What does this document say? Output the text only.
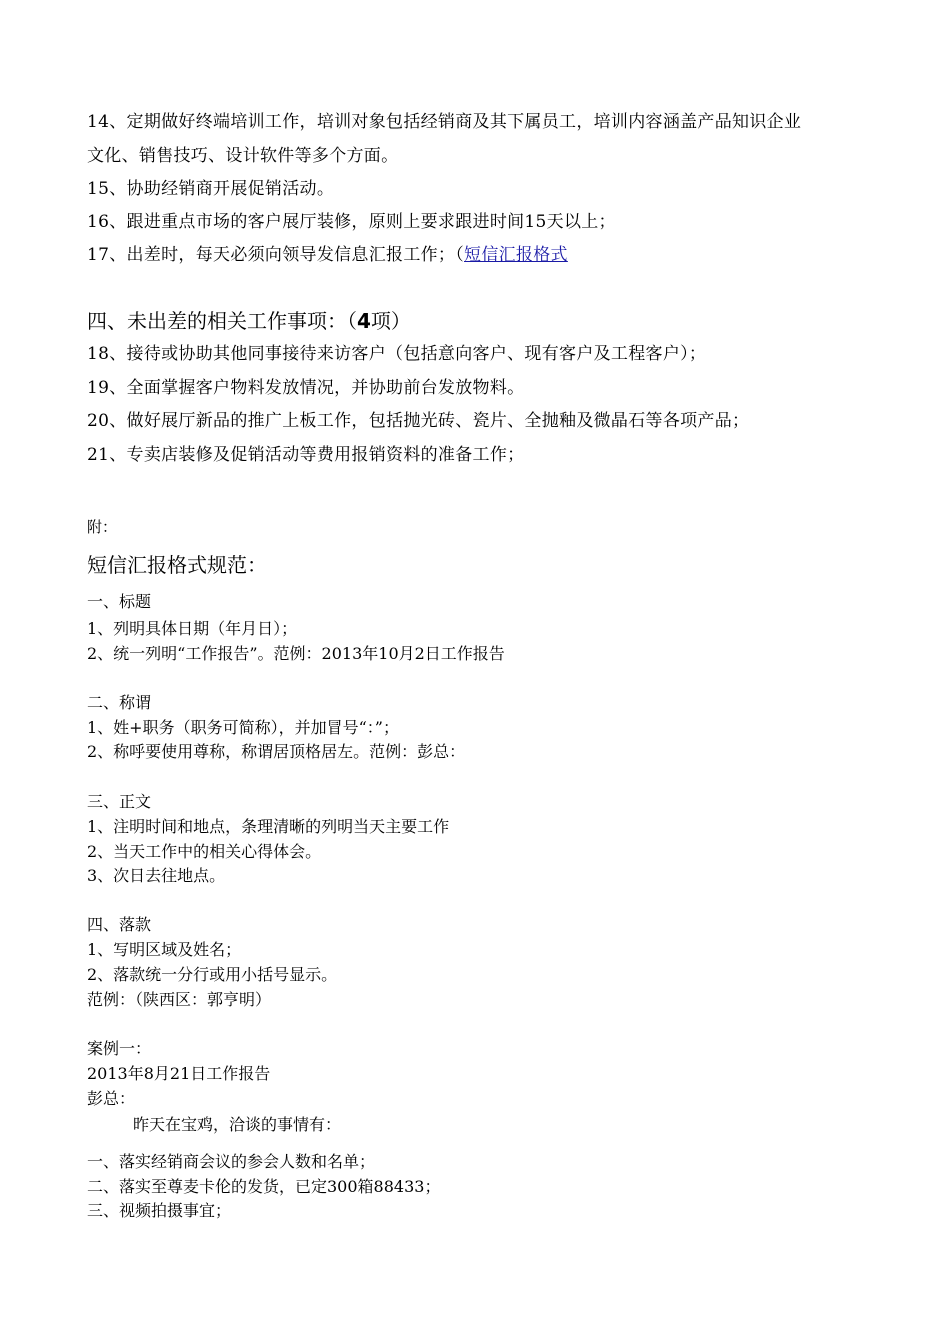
14、定期做好终端培训工作，培训对象包括经销商及其下属员工，培训内容涵盖产品知识企业
文化、销售技巧、设计软件等多个方面。
15、协助经销商开展促销活动。
16、跟进重点市场的客户展厅装修，原则上要求跟进时间15天以上；
17、出差时，每天必须向领导发信息汇报工作；（短信汇报格式
四、未出差的相关工作事项：（4项）
18、接待或协助其他同事接待来访客户（包括意向客户、现有客户及工程客户）；
19、全面掌握客户物料发放情况，并协助前台发放物料。
20、做好展厅新品的推广上板工作，包括抛光砖、瓷片、全抛釉及微晶石等各项产品；
21、专卖店装修及促销活动等费用报销资料的准备工作；
附：
短信汇报格式规范：
一、标题
1、列明具体日期（年月日）；
2、统一列明“工作报告”。范例：2013年10月2日工作报告
二、称谓
1、姓+职务（职务可简称），并加冒号“：”；
2、称呼要使用尊称，称谓居顶格居左。范例：彭总：
三、正文
1、注明时间和地点，条理清晰的列明当天主要工作
2、当天工作中的相关心得体会。
3、次日去往地点。
四、落款
1、写明区域及姓名；
2、落款统一分行或用小括号显示。
范例：（陕西区：郭亨明）
案例一：
2013年8月21日工作报告
彭总：
昨天在宝鸡，洽谈的事情有：
一、落实经销商会议的参会人数和名单；
二、落实至尊麦卡伦的发货，已定300箱88433；
三、视频拍摄事宜；
